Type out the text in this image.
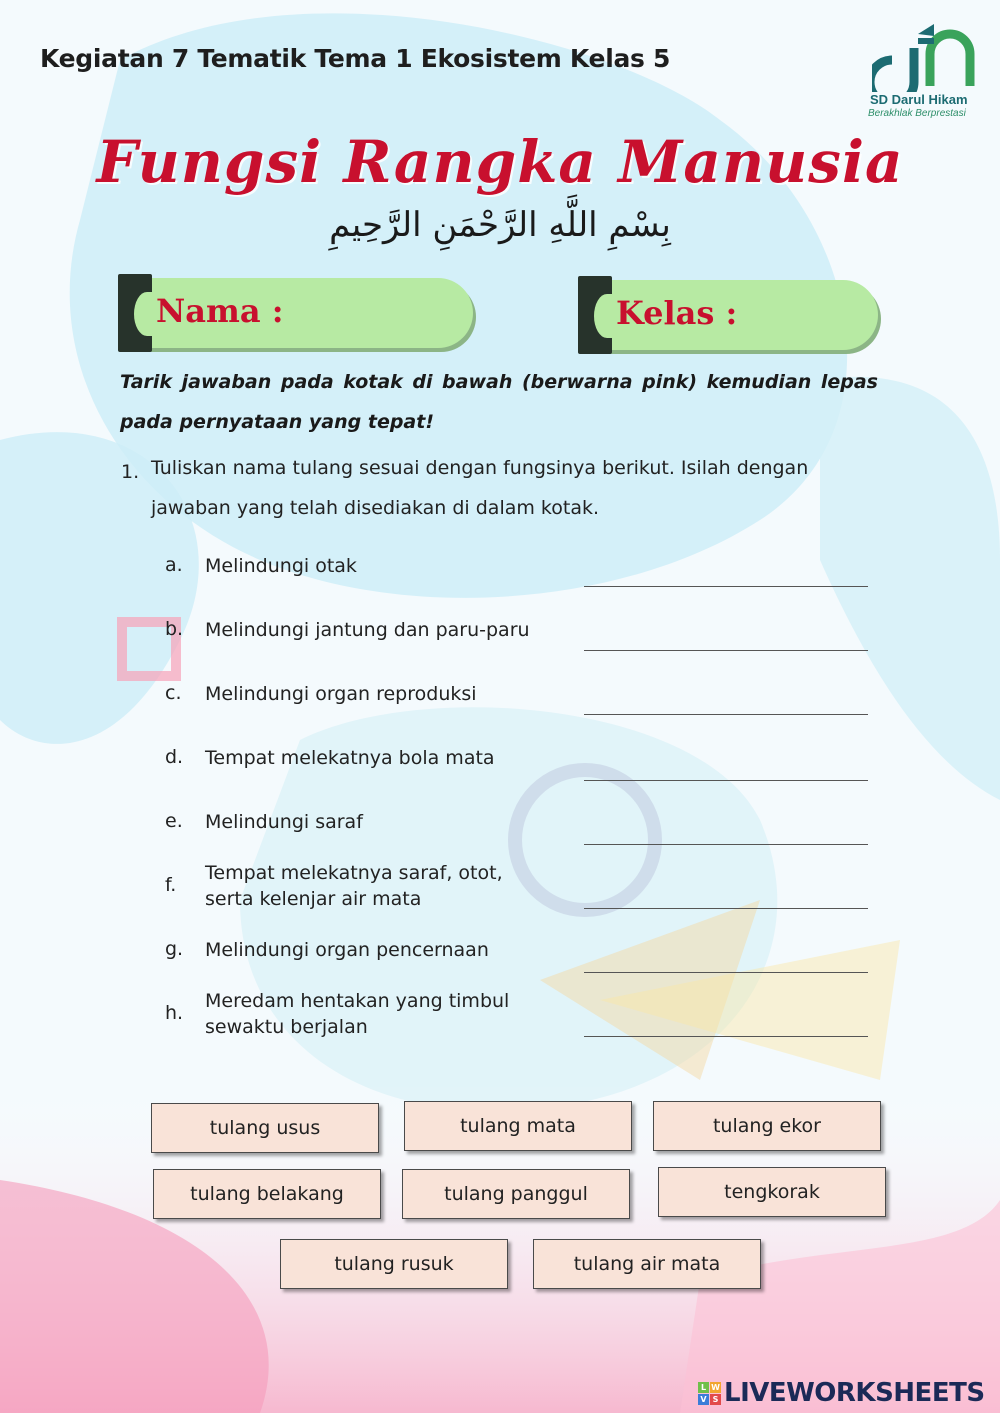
Kegiatan 7 Tematik Tema 1 Ekosistem Kelas 5
SD Darul Hikam
Berakhlak Berprestasi
Fungsi Rangka Manusia
بِسْمِ اللَّهِ الرَّحْمَنِ الرَّحِيمِ
Nama :	Kelas :
Tarik jawaban pada kotak di bawah (berwarna pink) kemudian lepas pada pernyataan yang tepat!
1. Tuliskan nama tulang sesuai dengan fungsinya berikut. Isilah dengan jawaban yang telah disediakan di dalam kotak.
a.	Melindungi otak
b.	Melindungi jantung dan paru-paru
c.	Melindungi organ reproduksi
d.	Tempat melekatnya bola mata
e.	Melindungi saraf
f.
Tempat melekatnya saraf, otot, serta kelenjar air mata
g.	Melindungi organ pencernaan
h.
Meredam hentakan yang timbul sewaktu berjalan
tulang usus	tulang mata	tulang ekor
tulang belakang	tulang panggul	tengkorak
tulang rusuk	tulang air mata
L W
V S LIVEWORKSHEETS
